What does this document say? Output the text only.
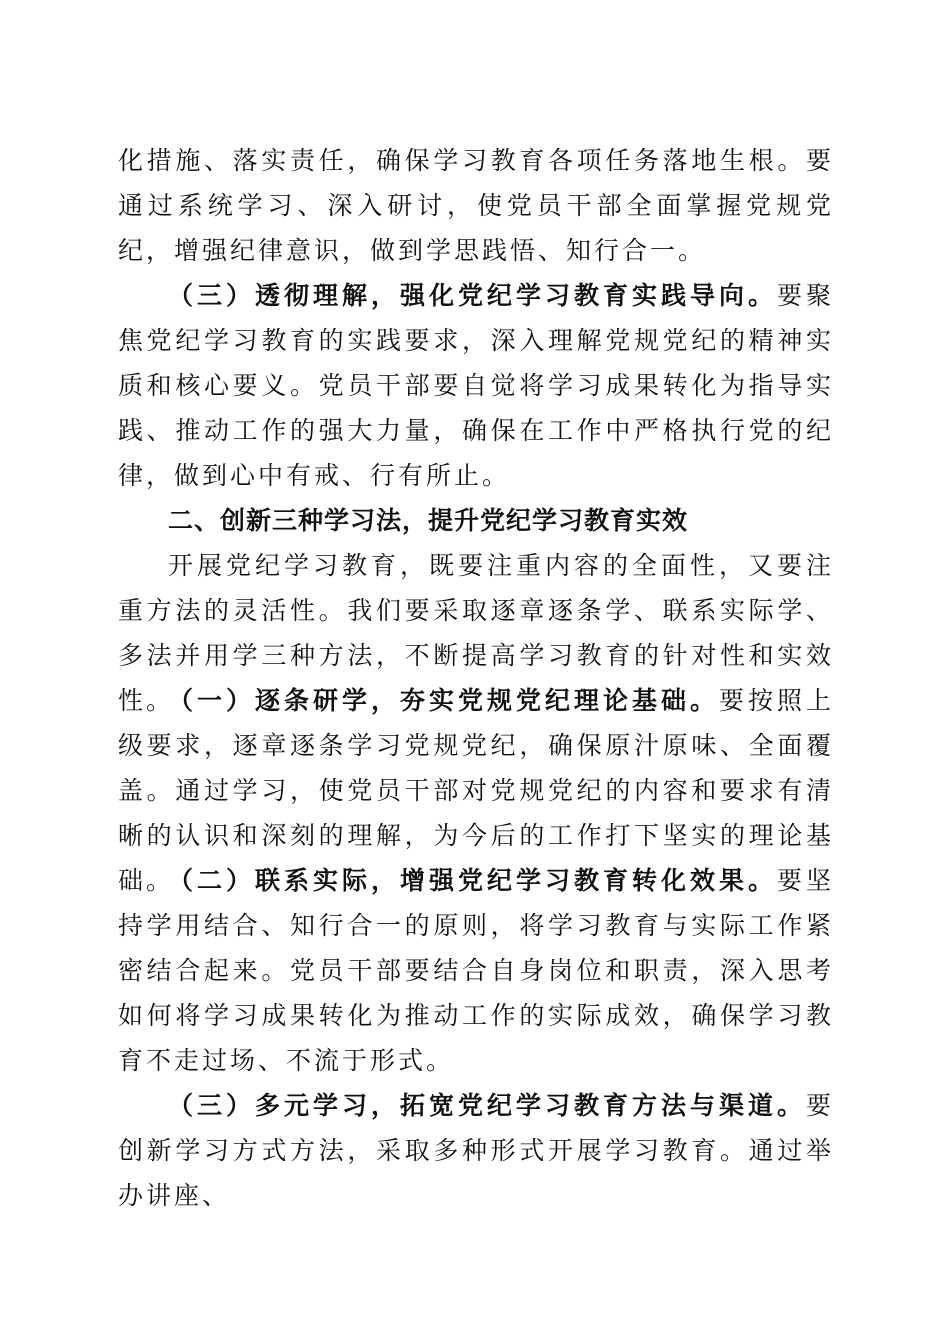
化措施、落实责任，确保学习教育各项任务落地生根。要通过系统学习、深入研讨，使党员干部全面掌握党规党纪，增强纪律意识，做到学思践悟、知行合一。

（三）透彻理解，强化党纪学习教育实践导向。要聚焦党纪学习教育的实践要求，深入理解党规党纪的精神实质和核心要义。党员干部要自觉将学习成果转化为指导实践、推动工作的强大力量，确保在工作中严格执行党的纪律，做到心中有戒、行有所止。

二、创新三种学习法，提升党纪学习教育实效

开展党纪学习教育，既要注重内容的全面性，又要注重方法的灵活性。我们要采取逐章逐条学、联系实际学、多法并用学三种方法，不断提高学习教育的针对性和实效性。

（一）逐条研学，夯实党规党纪理论基础。要按照上级要求，逐章逐条学习党规党纪，确保原汁原味、全面覆盖。通过学习，使党员干部对党规党纪的内容和要求有清晰的认识和深刻的理解，为今后的工作打下坚实的理论基础。

（二）联系实际，增强党纪学习教育转化效果。要坚持学用结合、知行合一的原则，将学习教育与实际工作紧密结合起来。党员干部要结合自身岗位和职责，深入思考如何将学习成果转化为推动工作的实际成效，确保学习教育不走过场、不流于形式。

（三）多元学习，拓宽党纪学习教育方法与渠道。要创新学习方式方法，采取多种形式开展学习教育。通过举办讲座、
